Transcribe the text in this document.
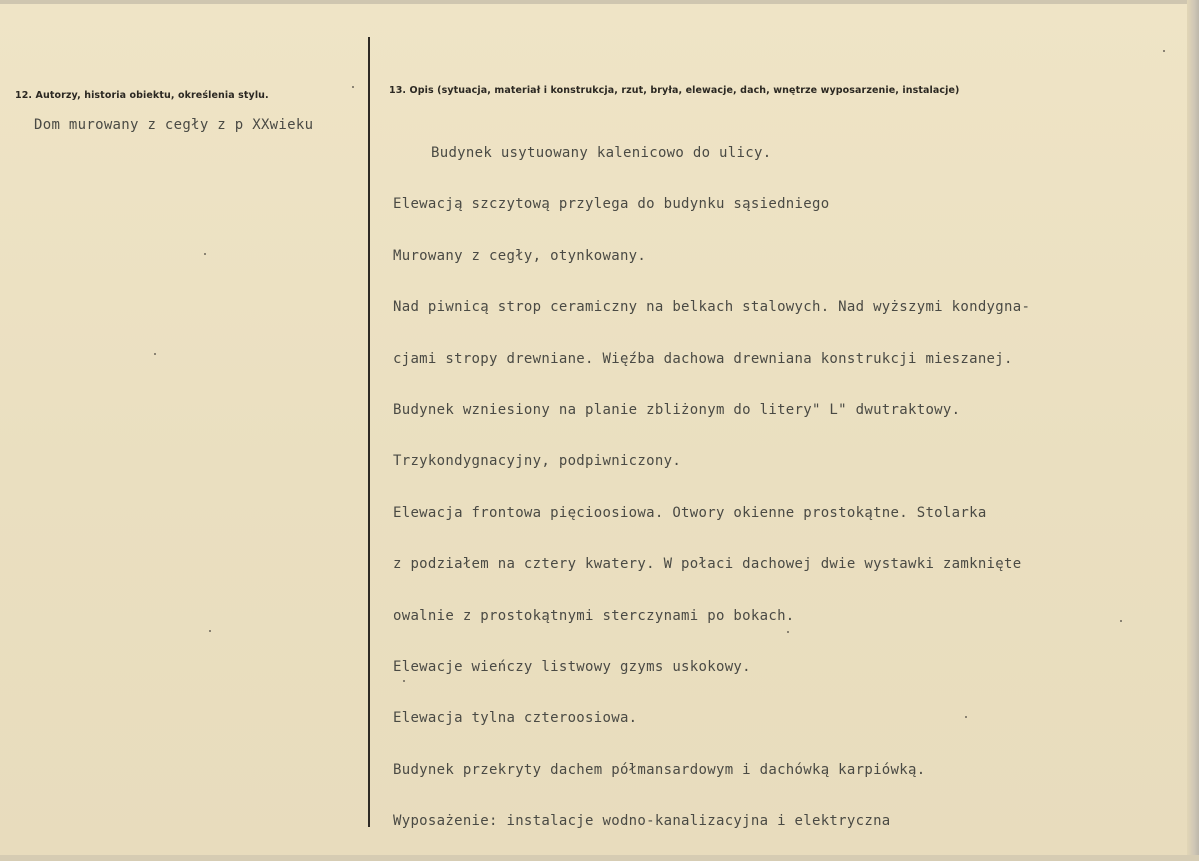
12. Autorzy, historia obiektu, określenia stylu.
Dom murowany z cegły z p XXwieku
13. Opis (sytuacja, materiał i konstrukcja, rzut, bryła, elewacje, dach, wnętrze wyposarzenie, instalacje)

Budynek usytuowany kalenicowo do ulicy.

Elewacją szczytową przylega do budynku sąsiedniego

Murowany z cegły, otynkowany.

Nad piwnicą strop ceramiczny na belkach stalowych. Nad wyższymi kondygna-

cjami stropy drewniane. Więźba dachowa drewniana konstrukcji mieszanej.

Budynek wzniesiony na planie zbliżonym do litery" L" dwutraktowy.

Trzykondygnacyjny, podpiwniczony.

Elewacja frontowa pięcioosiowa. Otwory okienne prostokątne. Stolarka

z podziałem na cztery kwatery. W połaci dachowej dwie wystawki zamknięte

owalnie z prostokątnymi sterczynami po bokach.

Elewacje wieńczy listwowy gzyms uskokowy.

Elewacja tylna czteroosiowa.

Budynek przekryty dachem półmansardowym i dachówką karpiówką.

Wyposażenie: instalacje wodno-kanalizacyjna i elektryczna
